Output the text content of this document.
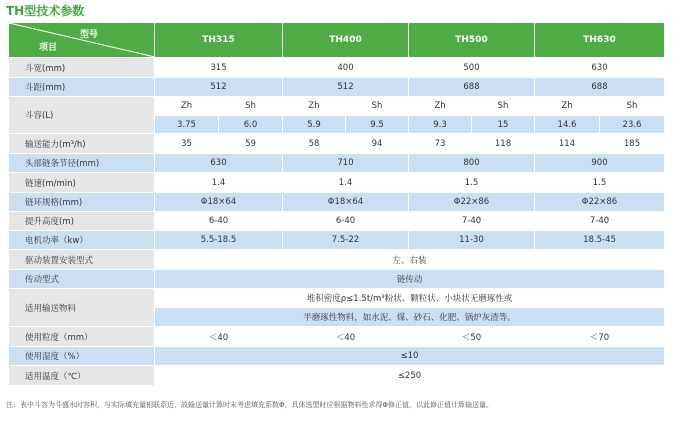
TH型技术参数
型号
项目	TH315		TH400		TH500		TH630	
斗宽(mm)	315		400		500		630	
斗距(mm)	512		512		688		688	
斗容(L)	Zh	Sh	Zh	Sh	Zh	Sh	Zh	Sh
	3.75	6.0	5.9	9.5	9.3	15	14.6	23.6
输送能力(m³/h)	35	59	58	94	73	118	114	185
头部链条节径(mm)	630		710		800		900	
链速(m/min)	1.4		1.4		1.5		1.5	
链环规格(mm)	Φ18×64		Φ18×64		Φ22×86		Φ22×86	
提升高度(m)	6-40		6-40		7-40		7-40	
电机功率（kw）	5.5-18.5		7.5-22		11-30		18.5-45	
驱动装置安装型式	左、右装							
传动型式	链传动							
适用输送物料	堆积密度ρ≤1.5t/m³粉状、颗粒状、小块状无磨琢性或							
	半磨琢性物料，如水泥、煤、砂石、化肥、锅炉灰渣等。							
使用粒度（mm）	＜40		＜40		＜50		＜70	
使用湿度（%）	≤10							
适用温度（℃）	≤250							
注：表中斗容为斗盛水时容积，与实际填充量相联系近，故输送量计算时未考虑填充系数Φ，具体选型时应根据物料性求得Φ修正值，以此修正值计算输送量。
